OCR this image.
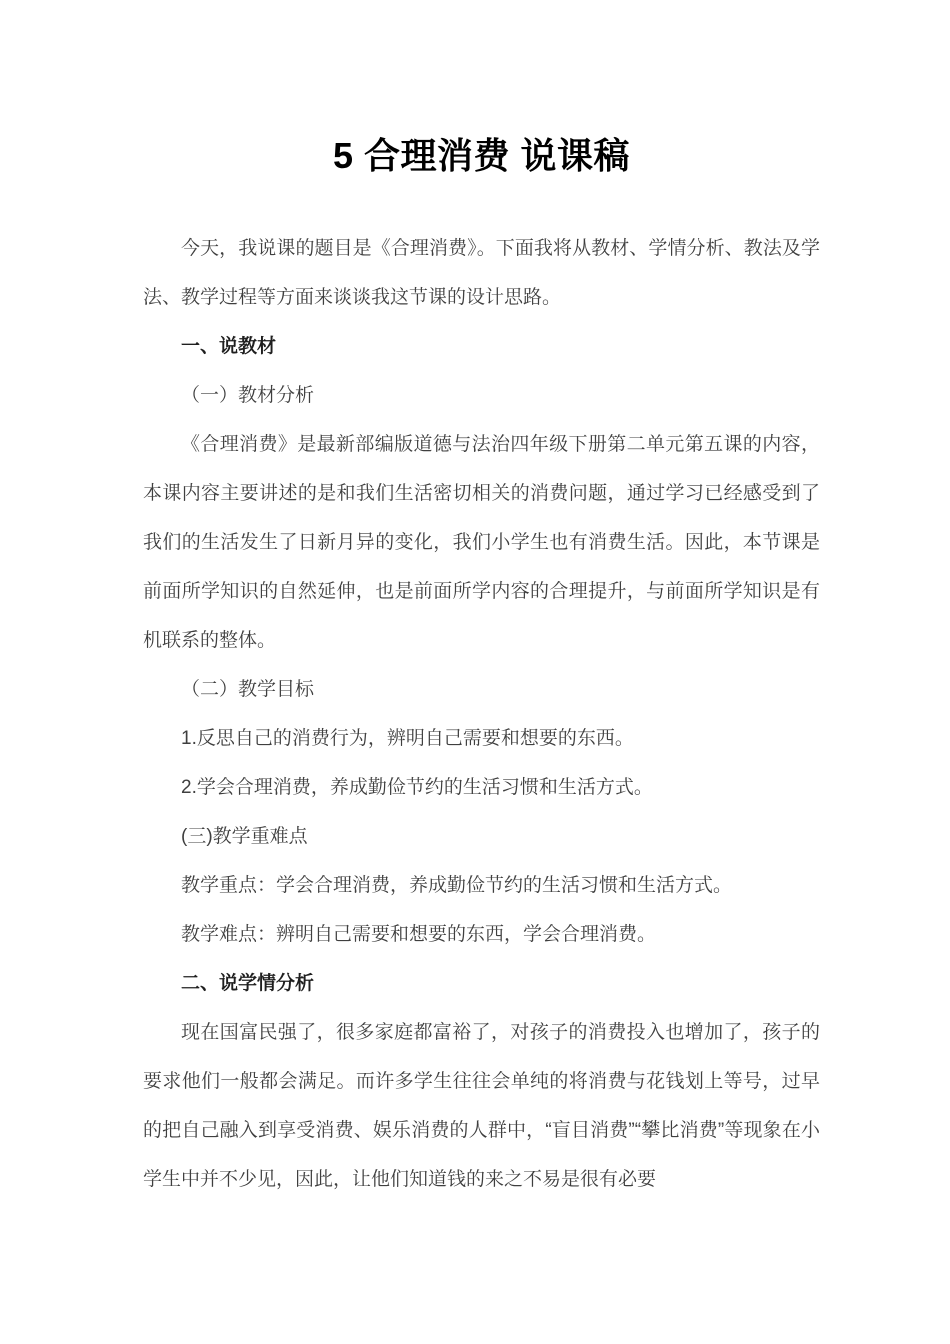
5 合理消费 说课稿

今天，我说课的题目是《合理消费》。下面我将从教材、学情分析、教法及学法、教学过程等方面来谈谈我这节课的设计思路。

一、说教材

（一）教材分析

《合理消费》是最新部编版道德与法治四年级下册第二单元第五课的内容，本课内容主要讲述的是和我们生活密切相关的消费问题，通过学习已经感受到了我们的生活发生了日新月异的变化，我们小学生也有消费生活。因此，本节课是前面所学知识的自然延伸，也是前面所学内容的合理提升，与前面所学知识是有机联系的整体。

（二）教学目标

1.反思自己的消费行为，辨明自己需要和想要的东西。

2.学会合理消费，养成勤俭节约的生活习惯和生活方式。

(三)教学重难点

教学重点：学会合理消费，养成勤俭节约的生活习惯和生活方式。

教学难点：辨明自己需要和想要的东西，学会合理消费。

二、说学情分析

现在国富民强了，很多家庭都富裕了，对孩子的消费投入也增加了，孩子的要求他们一般都会满足。而许多学生往往会单纯的将消费与花钱划上等号，过早的把自己融入到享受消费、娱乐消费的人群中，“盲目消费”“攀比消费”等现象在小学生中并不少见，因此，让他们知道钱的来之不易是很有必要
